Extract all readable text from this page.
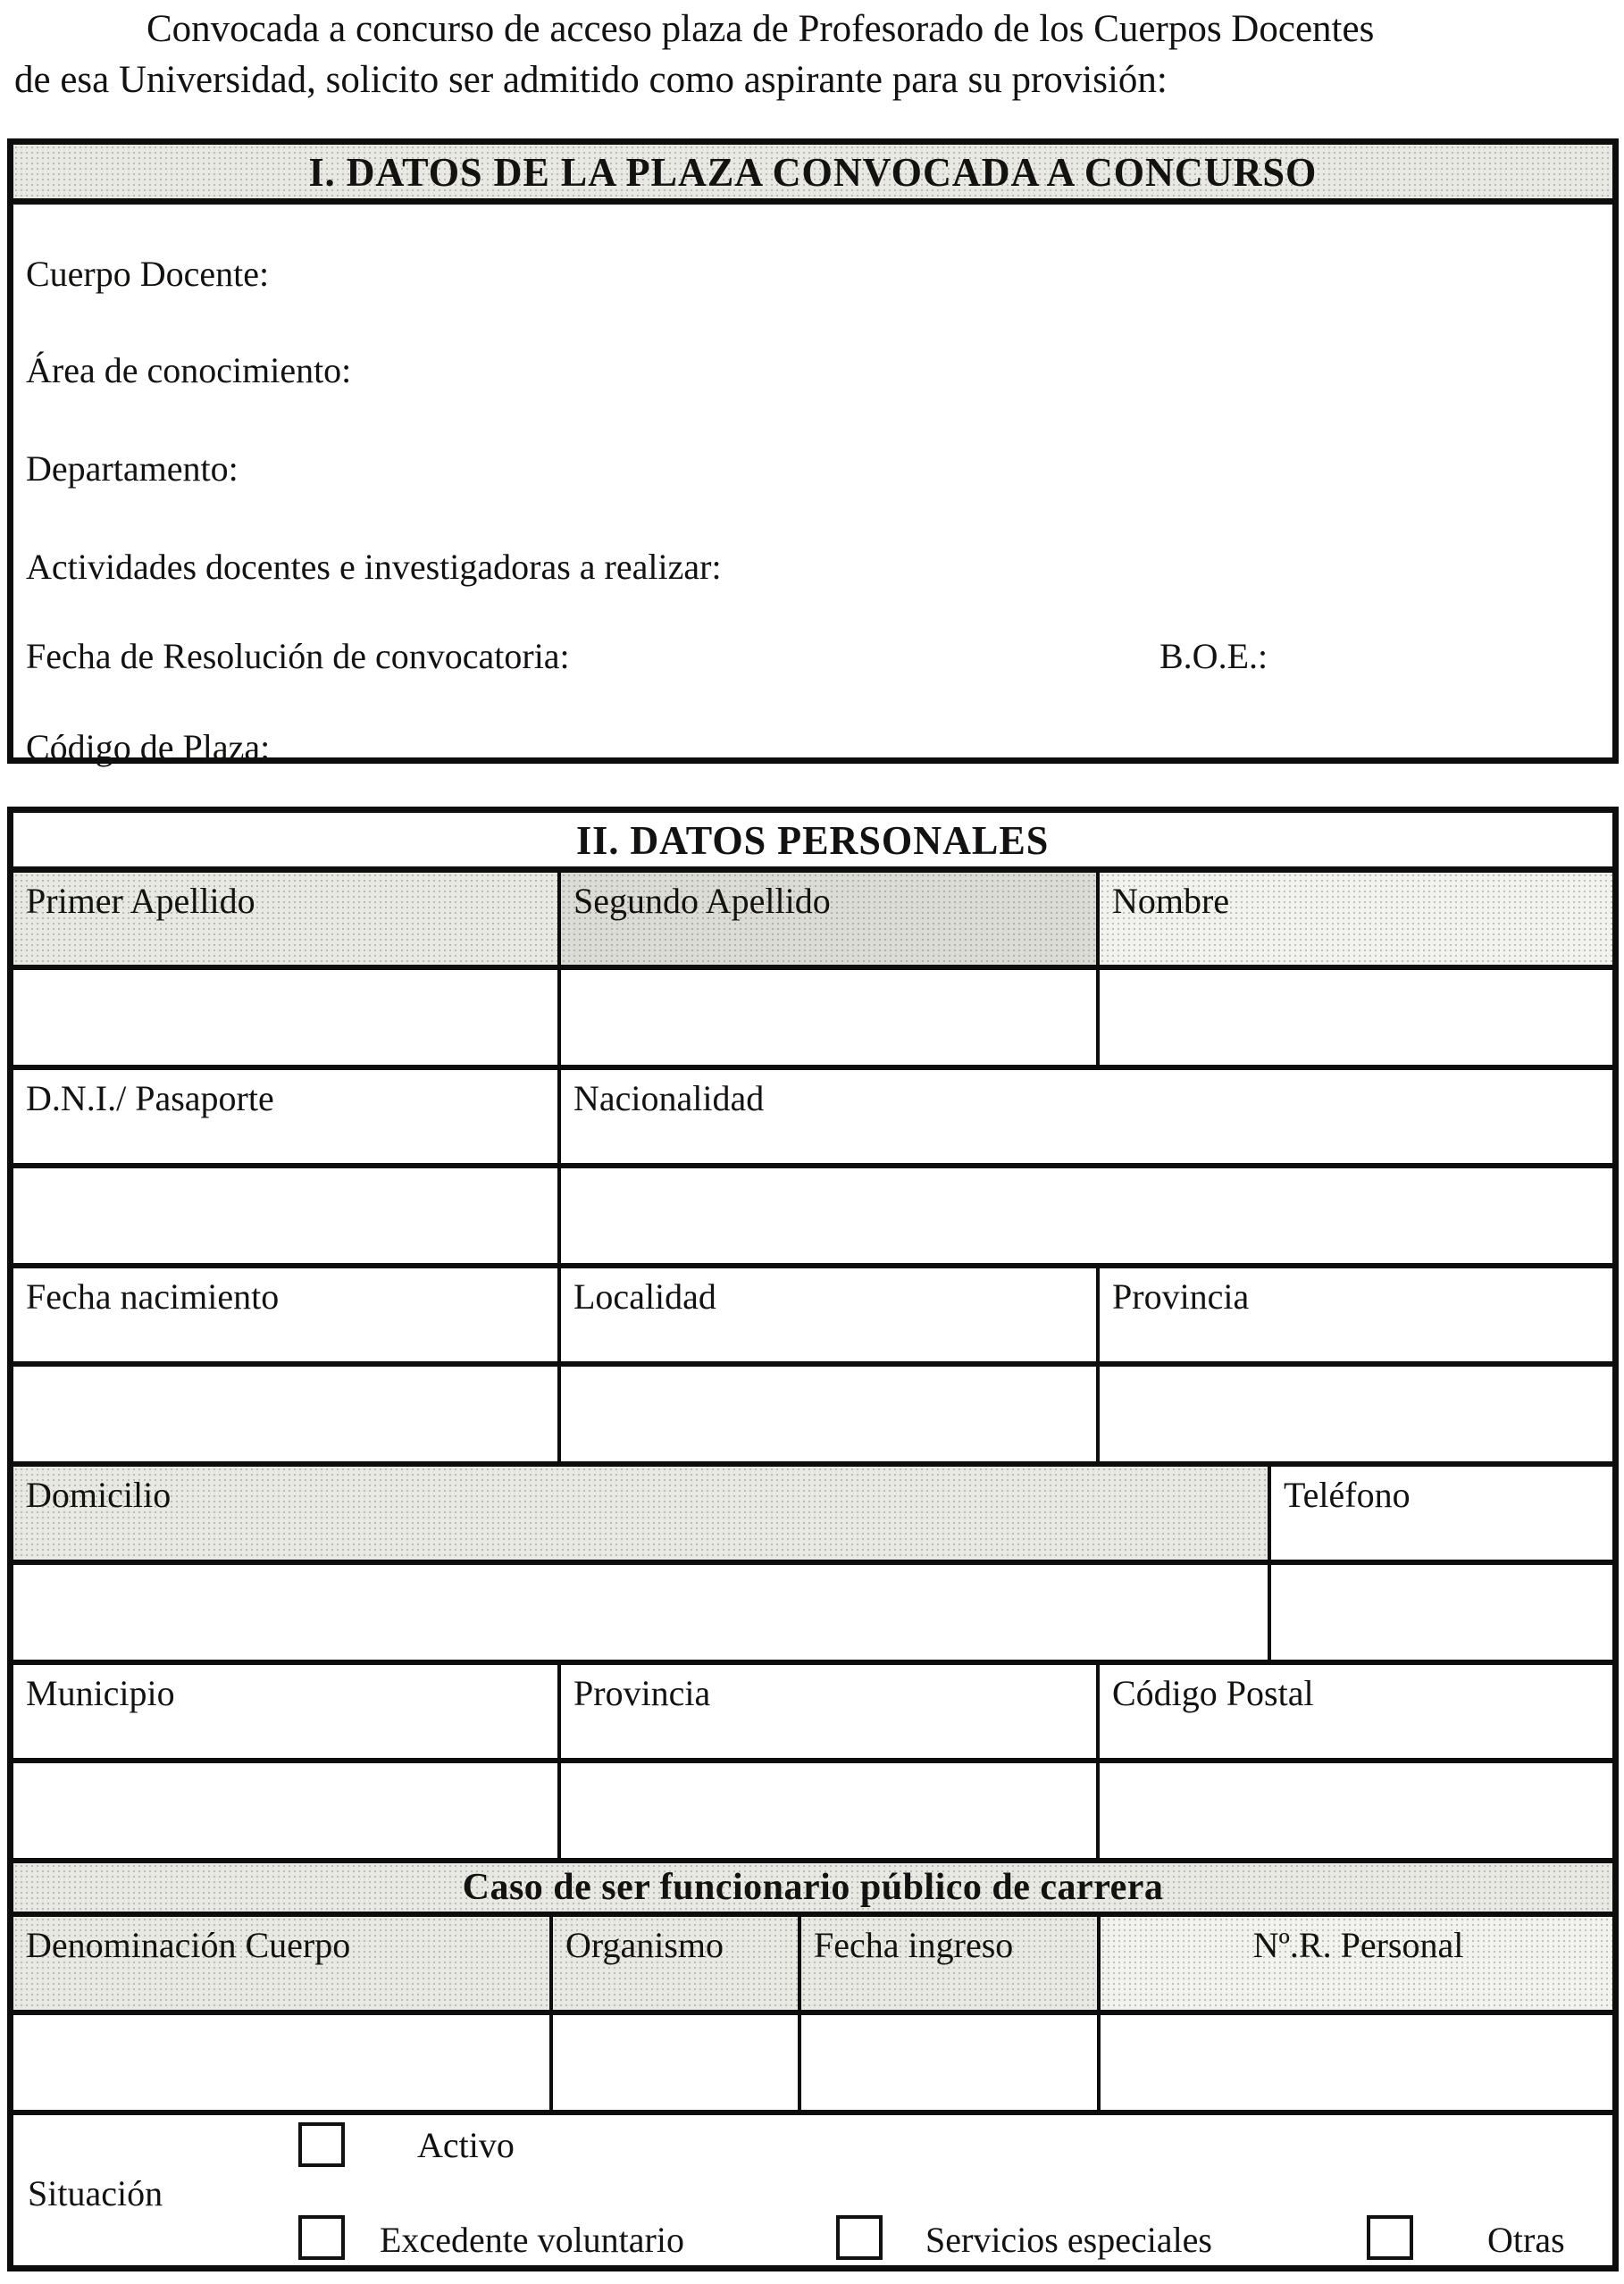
Convocada a concurso de acceso plaza de Profesorado de los Cuerpos Docentes
de esa Universidad, solicito ser admitido como aspirante para su provisión:

I. DATOS DE LA PLAZA CONVOCADA A CONCURSO
Cuerpo Docente:
Área de conocimiento:
Departamento:
Actividades docentes e investigadoras a realizar:
Fecha de Resolución de convocatoria:	B.O.E.:
Código de Plaza:
II. DATOS PERSONALES
Primer Apellido	Segundo Apellido	Nombre
D.N.I./ Pasaporte	Nacionalidad
Fecha nacimiento	Localidad	Provincia
Domicilio	Teléfono
Municipio	Provincia	Código Postal
Caso de ser funcionario público de carrera
Denominación Cuerpo	Organismo	Fecha ingreso	Nº.R. Personal
Situación
Activo
Excedente voluntario	Servicios especiales	Otras
